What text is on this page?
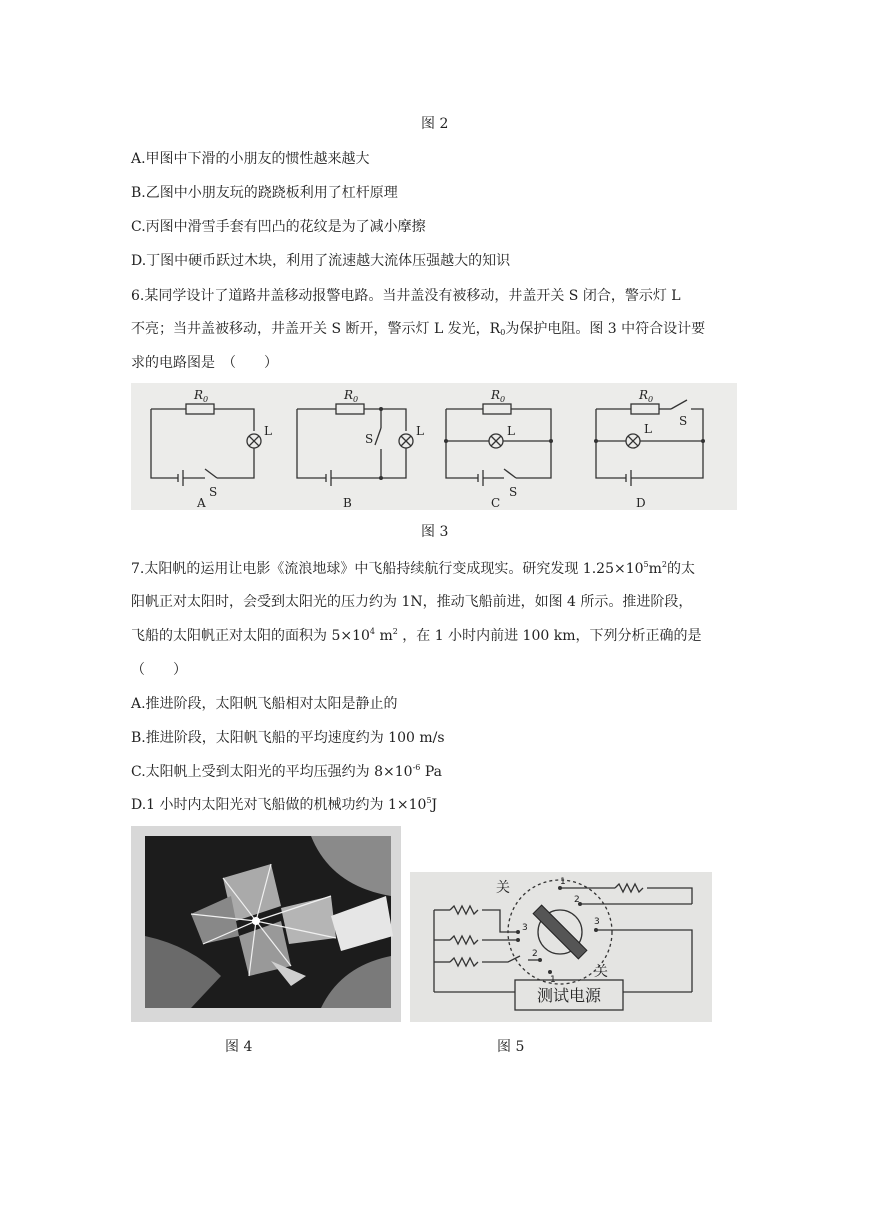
图 2
A.甲图中下滑的小朋友的惯性越来越大
B.乙图中小朋友玩的跷跷板利用了杠杆原理
C.丙图中滑雪手套有凹凸的花纹是为了减小摩擦
D.丁图中硬币跃过木块，利用了流速越大流体压强越大的知识
6.某同学设计了道路井盖移动报警电路。当井盖没有被移动，井盖开关 S 闭合，警示灯 L
不亮；当井盖被移动，井盖开关 S 断开，警示灯 L 发光，$R_0$为保护电阻。图 3 中符合设计要
求的电路图是　（　　）
$R_0$
L
S
A
$R_0$
L
S
B
$R_0$
L
S
C
$R_0$
L
S
D
图 3
7.太阳帆的运用让电影《流浪地球》中飞船持续航行变成现实。研究发现 $1.25\times 10^5m^2$的太
阳帆正对太阳时，会受到太阳光的压力约为 1N，推动飞船前进，如图 4 所示。推进阶段，
飞船的太阳帆正对太阳的面积为 $5\times 10^4$ $m^2$ ，在 1 小时内前进 100 km，下列分析正确的是
（　　）
A.推进阶段，太阳帆飞船相对太阳是静止的
B.推进阶段，太阳帆飞船的平均速度约为 100 m/s
C.太阳帆上受到太阳光的平均压强约为 $8\times 10^{-6}$ Pa
D.1 小时内太阳光对飞船做的机械功约为 $1\times 10^5J$
图 4
关
关
1
2
3
3
2
1
测试电源
图 5
